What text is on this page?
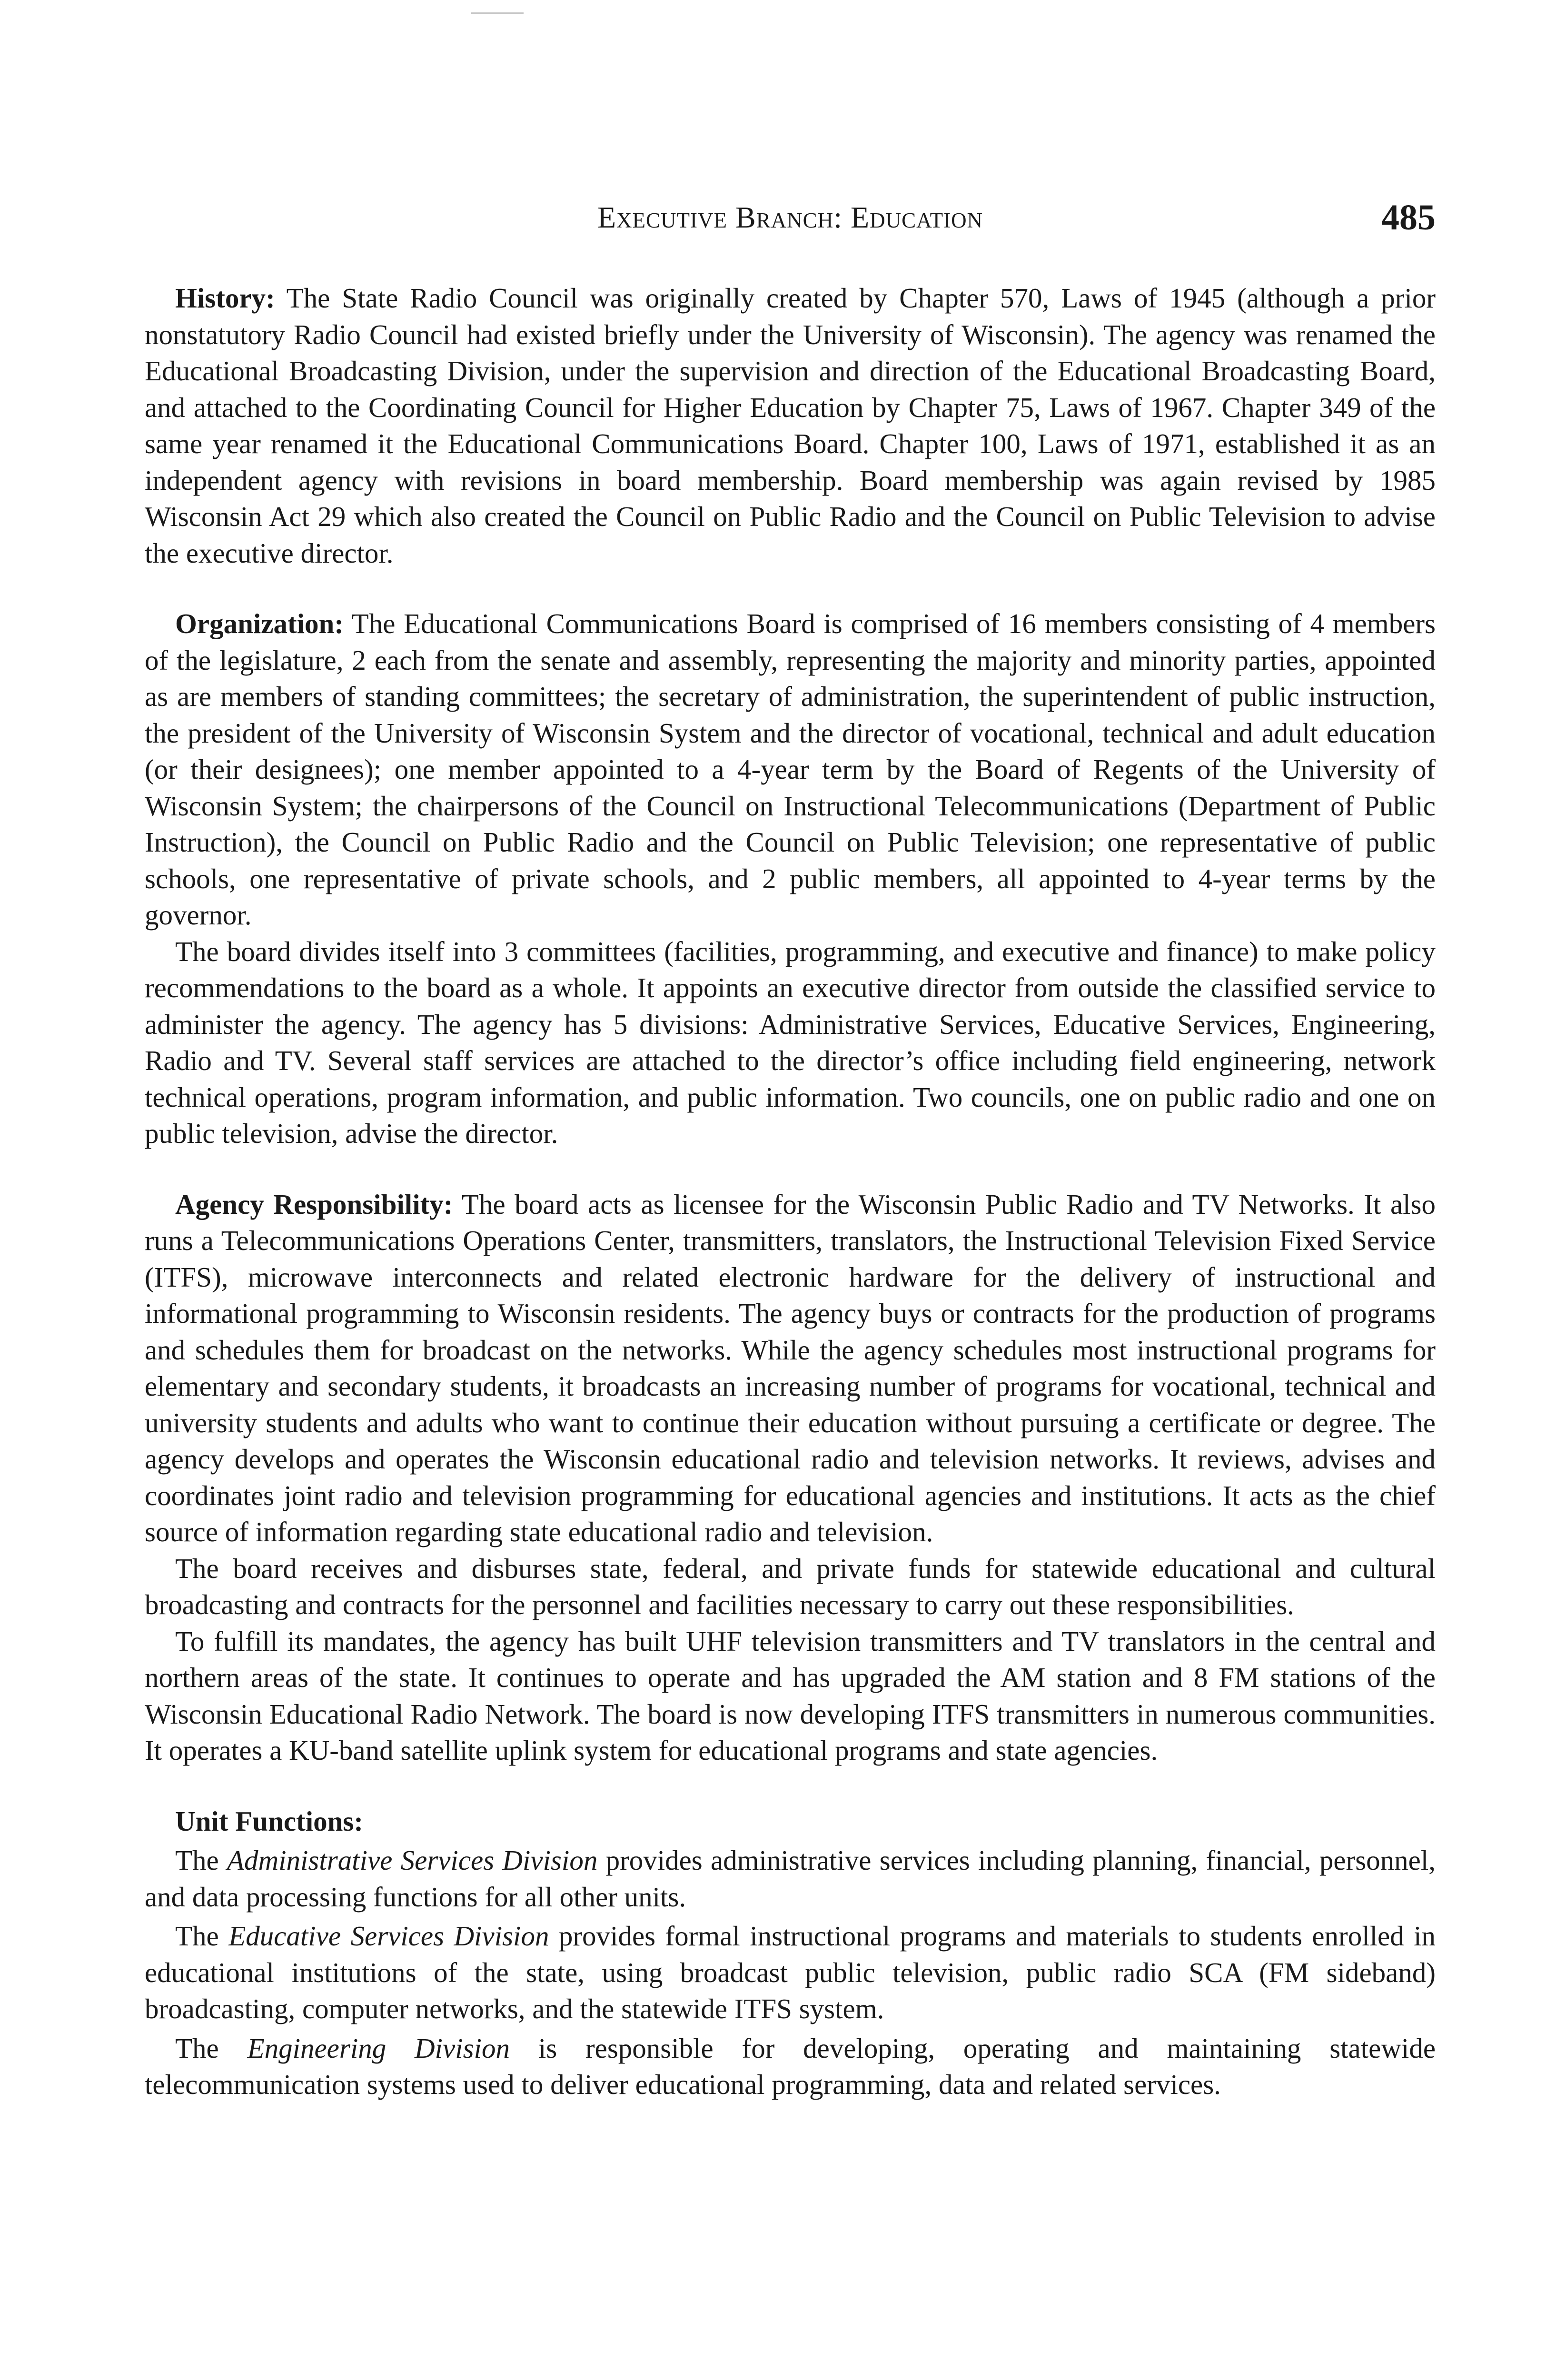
Executive Branch: Education	485

History: The State Radio Council was originally created by Chapter 570, Laws of 1945 (although a prior nonstatutory Radio Council had existed briefly under the University of Wisconsin). The agency was renamed the Educational Broadcasting Division, under the supervision and direction of the Educational Broadcasting Board, and attached to the Coordinating Council for Higher Education by Chapter 75, Laws of 1967. Chapter 349 of the same year renamed it the Educational Communications Board. Chapter 100, Laws of 1971, established it as an independent agency with revisions in board membership. Board membership was again revised by 1985 Wisconsin Act 29 which also created the Council on Public Radio and the Council on Public Television to advise the executive director.

Organization: The Educational Communications Board is comprised of 16 members consisting of 4 members of the legislature, 2 each from the senate and assembly, representing the majority and minority parties, appointed as are members of standing committees; the secretary of administration, the superintendent of public instruction, the president of the University of Wisconsin System and the director of vocational, technical and adult education (or their designees); one member appointed to a 4-year term by the Board of Regents of the University of Wisconsin System; the chairpersons of the Council on Instructional Telecommunications (Department of Public Instruction), the Council on Public Radio and the Council on Public Television; one representative of public schools, one representative of private schools, and 2 public members, all appointed to 4-year terms by the governor.

The board divides itself into 3 committees (facilities, programming, and executive and finance) to make policy recommendations to the board as a whole. It appoints an executive director from outside the classified service to administer the agency. The agency has 5 divisions: Administrative Services, Educative Services, Engineering, Radio and TV. Several staff services are attached to the director’s office including field engineering, network technical operations, program information, and public information. Two councils, one on public radio and one on public television, advise the director.

Agency Responsibility: The board acts as licensee for the Wisconsin Public Radio and TV Networks. It also runs a Telecommunications Operations Center, transmitters, translators, the Instructional Television Fixed Service (ITFS), microwave interconnects and related electronic hardware for the delivery of instructional and informational programming to Wisconsin residents. The agency buys or contracts for the production of programs and schedules them for broadcast on the networks. While the agency schedules most instructional programs for elementary and secondary students, it broadcasts an increasing number of programs for vocational, technical and university students and adults who want to continue their education without pursuing a certificate or degree. The agency develops and operates the Wisconsin educational radio and television networks. It reviews, advises and coordinates joint radio and television programming for educational agencies and institutions. It acts as the chief source of information regarding state educational radio and television.

The board receives and disburses state, federal, and private funds for statewide educational and cultural broadcasting and contracts for the personnel and facilities necessary to carry out these responsibilities.

To fulfill its mandates, the agency has built UHF television transmitters and TV translators in the central and northern areas of the state. It continues to operate and has upgraded the AM station and 8 FM stations of the Wisconsin Educational Radio Network. The board is now developing ITFS transmitters in numerous communities. It operates a KU-band satellite uplink system for educational programs and state agencies.

Unit Functions:

The Administrative Services Division provides administrative services including planning, financial, personnel, and data processing functions for all other units.

The Educative Services Division provides formal instructional programs and materials to students enrolled in educational institutions of the state, using broadcast public television, public radio SCA (FM sideband) broadcasting, computer networks, and the statewide ITFS system.

The Engineering Division is responsible for developing, operating and maintaining statewide telecommunication systems used to deliver educational programming, data and related services.
